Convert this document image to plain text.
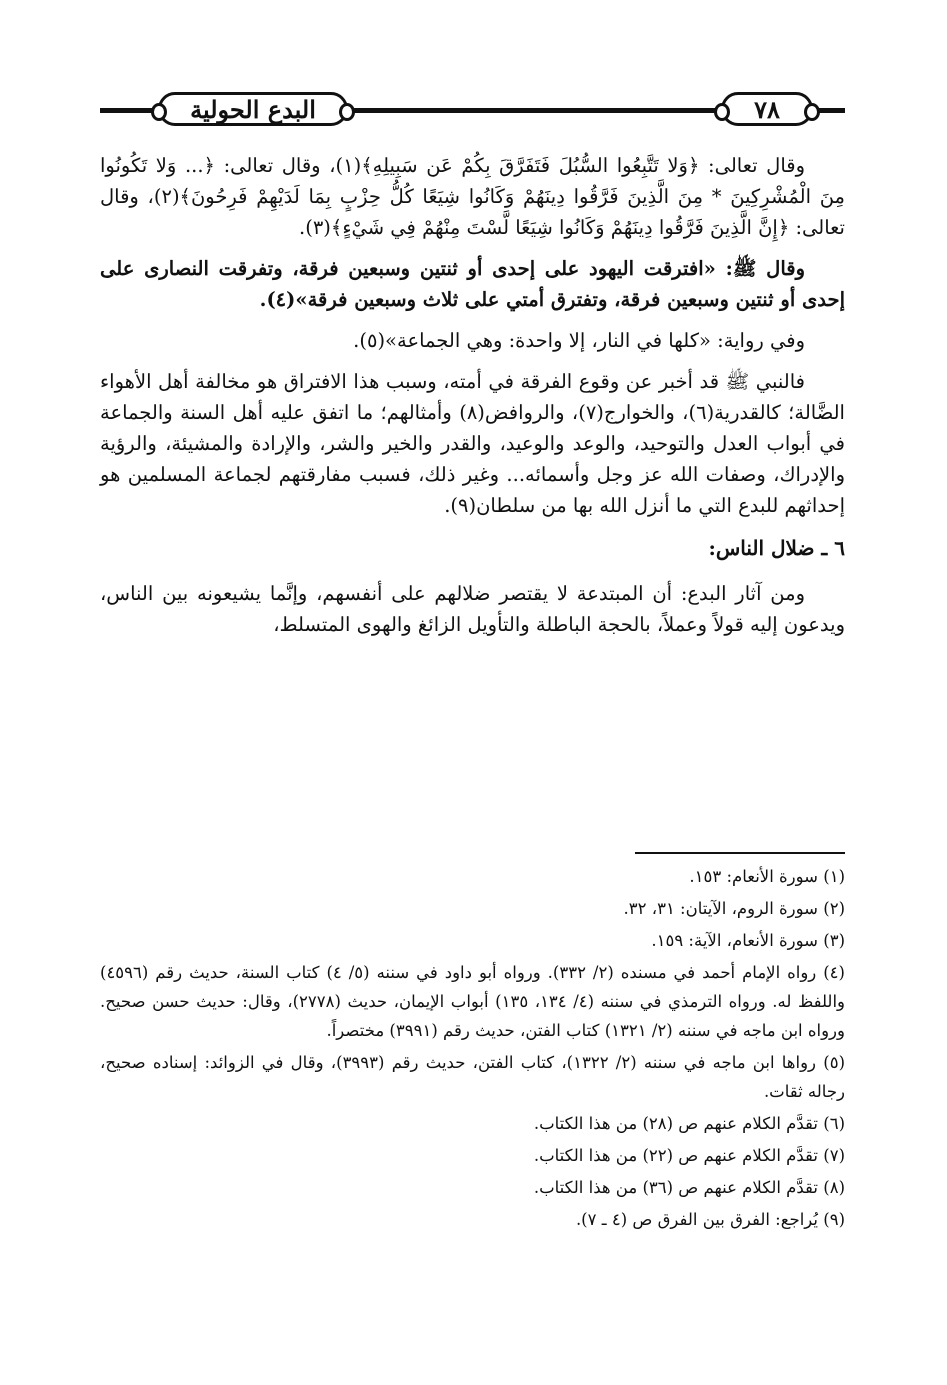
البدع الحولية	٧٨

وقال تعالى: ﴿وَلا تَتَّبِعُوا السُّبُلَ فَتَفَرَّقَ بِكُمْ عَن سَبِيلِهِ﴾(١)، وقال تعالى: ﴿... وَلا تَكُونُوا مِنَ الْمُشْرِكِينَ * مِنَ الَّذِينَ فَرَّقُوا دِينَهُمْ وَكَانُوا شِيَعًا كُلُّ حِزْبٍ بِمَا لَدَيْهِمْ فَرِحُونَ﴾(٢)، وقال تعالى: ﴿إِنَّ الَّذِينَ فَرَّقُوا دِينَهُمْ وَكَانُوا شِيَعًا لَّسْتَ مِنْهُمْ فِي شَيْءٍ﴾(٣).

وقال ﷺ: «افترقت اليهود على إحدى أو ثنتين وسبعين فرقة، وتفرقت النصارى على إحدى أو ثنتين وسبعين فرقة، وتفترق أمتي على ثلاث وسبعين فرقة»(٤).

وفي رواية: «كلها في النار، إلا واحدة: وهي الجماعة»(٥).

فالنبي ﷺ قد أخبر عن وقوع الفرقة في أمته، وسبب هذا الافتراق هو مخالفة أهل الأهواء الضَّالة؛ كالقدرية(٦)، والخوارج(٧)، والروافض(٨) وأمثالهم؛ ما اتفق عليه أهل السنة والجماعة في أبواب العدل والتوحيد، والوعد والوعيد، والقدر والخير والشر، والإرادة والمشيئة، والرؤية والإدراك، وصفات الله عز وجل وأسمائه... وغير ذلك، فسبب مفارقتهم لجماعة المسلمين هو إحداثهم للبدع التي ما أنزل الله بها من سلطان(٩).

٦ ـ ضلال الناس:

ومن آثار البدع: أن المبتدعة لا يقتصر ضلالهم على أنفسهم، وإنَّما يشيعونه بين الناس، ويدعون إليه قولاً وعملاً، بالحجة الباطلة والتأويل الزائغ والهوى المتسلط،

(١) سورة الأنعام: ١٥٣.
(٢) سورة الروم، الآيتان: ٣١، ٣٢.
(٣) سورة الأنعام، الآية: ١٥٩.
(٤) رواه الإمام أحمد في مسنده (٢/ ٣٣٢). ورواه أبو داود في سننه (٥/ ٤) كتاب السنة، حديث رقم (٤٥٩٦) واللفظ له. ورواه الترمذي في سننه (٤/ ١٣٤، ١٣٥) أبواب الإيمان، حديث (٢٧٧٨)، وقال: حديث حسن صحيح. ورواه ابن ماجه في سننه (٢/ ١٣٢١) كتاب الفتن، حديث رقم (٣٩٩١) مختصراً.
(٥) رواها ابن ماجه في سننه (٢/ ١٣٢٢)، كتاب الفتن، حديث رقم (٣٩٩٣)، وقال في الزوائد: إسناده صحيح، رجاله ثقات.
(٦) تقدَّم الكلام عنهم ص (٢٨) من هذا الكتاب.
(٧) تقدَّم الكلام عنهم ص (٢٢) من هذا الكتاب.
(٨) تقدَّم الكلام عنهم ص (٣٦) من هذا الكتاب.
(٩) يُراجع: الفرق بين الفرق ص (٤ ـ ٧).
